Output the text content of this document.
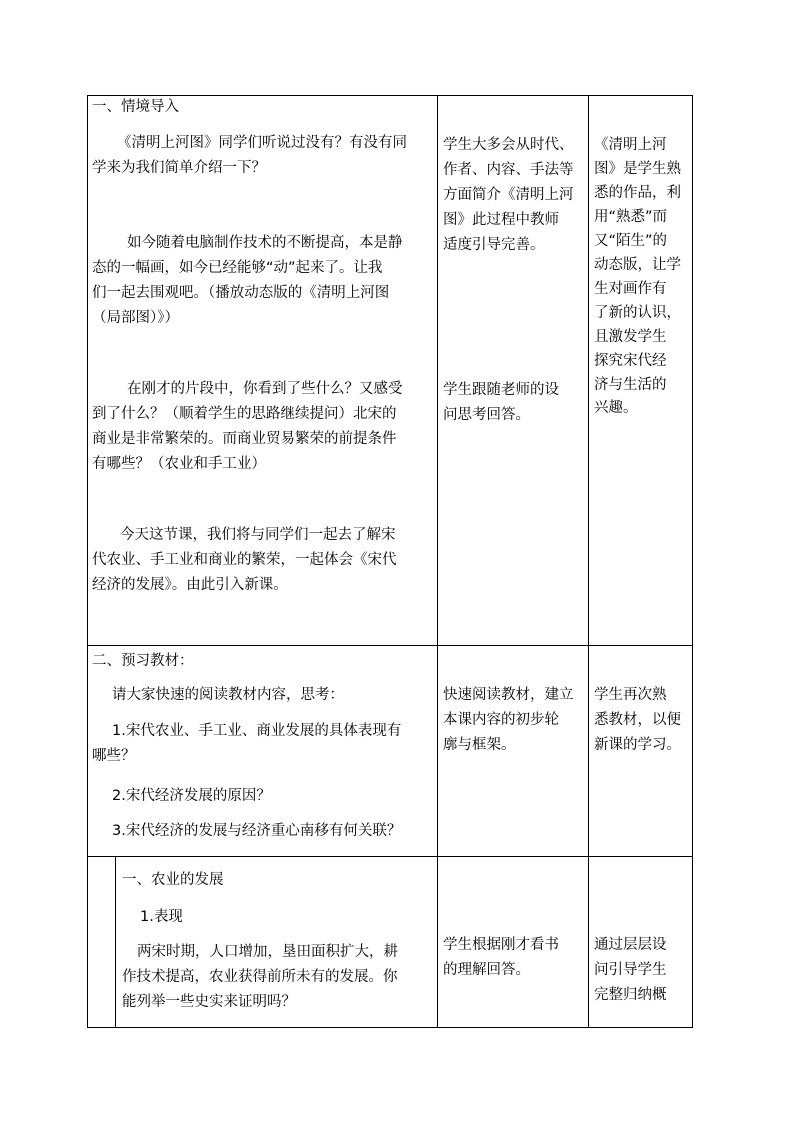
一、情境导入
《清明上河图》同学们听说过没有？有没有同
学来为我们简单介绍一下？
如今随着电脑制作技术的不断提高，本是静
态的一幅画，如今已经能够“动”起来了。让我
们一起去围观吧。（播放动态版的《清明上河图
（局部图）》）
在刚才的片段中，你看到了些什么？又感受
到了什么？（顺着学生的思路继续提问）北宋的
商业是非常繁荣的。而商业贸易繁荣的前提条件
有哪些？（农业和手工业）
今天这节课，我们将与同学们一起去了解宋
代农业、手工业和商业的繁荣，一起体会《宋代
经济的发展》。由此引入新课。
学生大多会从时代、
作者、内容、手法等
方面简介《清明上河
图》此过程中教师
适度引导完善。
学生跟随老师的设
问思考回答。
《清明上河
图》是学生熟
悉的作品，利
用“熟悉”而
又“陌生”的
动态版，让学
生对画作有
了新的认识，
且激发学生
探究宋代经
济与生活的
兴趣。
二、预习教材：
请大家快速的阅读教材内容，思考：
1.宋代农业、手工业、商业发展的具体表现有
哪些？
2.宋代经济发展的原因？
3.宋代经济的发展与经济重心南移有何关联？
快速阅读教材，建立
本课内容的初步轮
廓与框架。
学生再次熟
悉教材，以便
新课的学习。
一、农业的发展
1.表现
两宋时期，人口增加，垦田面积扩大，耕
作技术提高，农业获得前所未有的发展。你
能列举一些史实来证明吗？
学生根据刚才看书
的理解回答。
通过层层设
问引导学生
完整归纳概
